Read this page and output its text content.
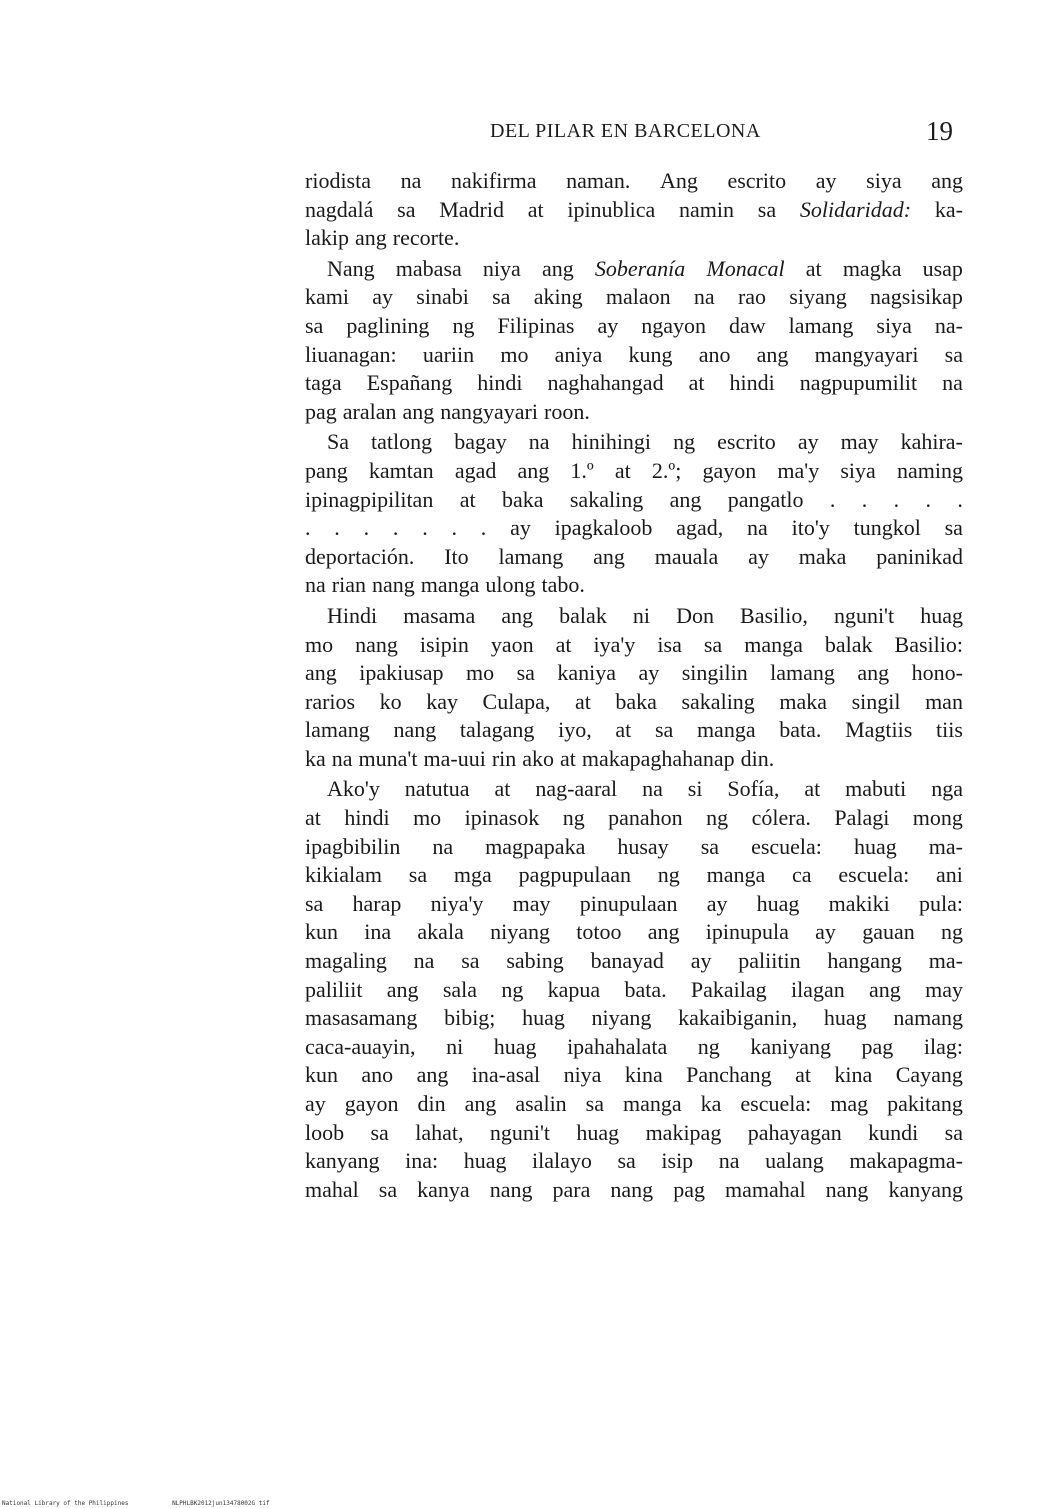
DEL PILAR EN BARCELONA	19
riodista na nakifirma naman. Ang escrito ay siya ang
nagdalá sa Madrid at ipinublica namin sa Solidaridad: ka-
lakip ang recorte.
Nang mabasa niya ang Soberanía Monacal at magka usap
kami ay sinabi sa aking malaon na rao siyang nagsisikap
sa paglining ng Filipinas ay ngayon daw lamang siya na-
liuanagan: uariin mo aniya kung ano ang mangyayari sa
taga Españang hindi naghahangad at hindi nagpupumilit na
pag aralan ang nangyayari roon.
Sa tatlong bagay na hinihingi ng escrito ay may kahira-
pang kamtan agad ang 1.º at 2.º; gayon ma'y siya naming
ipinagpipilitan at baka sakaling ang pangatlo . . . . .
. . . . . . . ay ipagkaloob agad, na ito'y tungkol sa
deportación. Ito lamang ang mauala ay maka paninikad
na rian nang manga ulong tabo.
Hindi masama ang balak ni Don Basilio, nguni't huag
mo nang isipin yaon at iya'y isa sa manga balak Basilio:
ang ipakiusap mo sa kaniya ay singilin lamang ang hono-
rarios ko kay Culapa, at baka sakaling maka singil man
lamang nang talagang iyo, at sa manga bata. Magtiis tiis
ka na muna't ma-uui rin ako at makapaghahanap din.
Ako'y natutua at nag-aaral na si Sofía, at mabuti nga
at hindi mo ipinasok ng panahon ng cólera. Palagi mong
ipagbibilin na magpapaka husay sa escuela: huag ma-
kikialam sa mga pagpupulaan ng manga ca escuela: ani
sa harap niya'y may pinupulaan ay huag makiki pula:
kun ina akala niyang totoo ang ipinupula ay gauan ng
magaling na sa sabing banayad ay paliitin hangang ma-
paliliit ang sala ng kapua bata. Pakailag ilagan ang may
masasamang bibig; huag niyang kakaibiganin, huag namang
caca-auayin, ni huag ipahahalata ng kaniyang pag ilag:
kun ano ang ina-asal niya kina Panchang at kina Cayang
ay gayon din ang asalin sa manga ka escuela: mag pakitang
loob sa lahat, nguni't huag makipag pahayagan kundi sa
kanyang ina: huag ilalayo sa isip na ualang makapagma-
mahal sa kanya nang para nang pag mamahal nang kanyang
National Library of the Philippines	NLPHLBK2012jun13478002G tif
